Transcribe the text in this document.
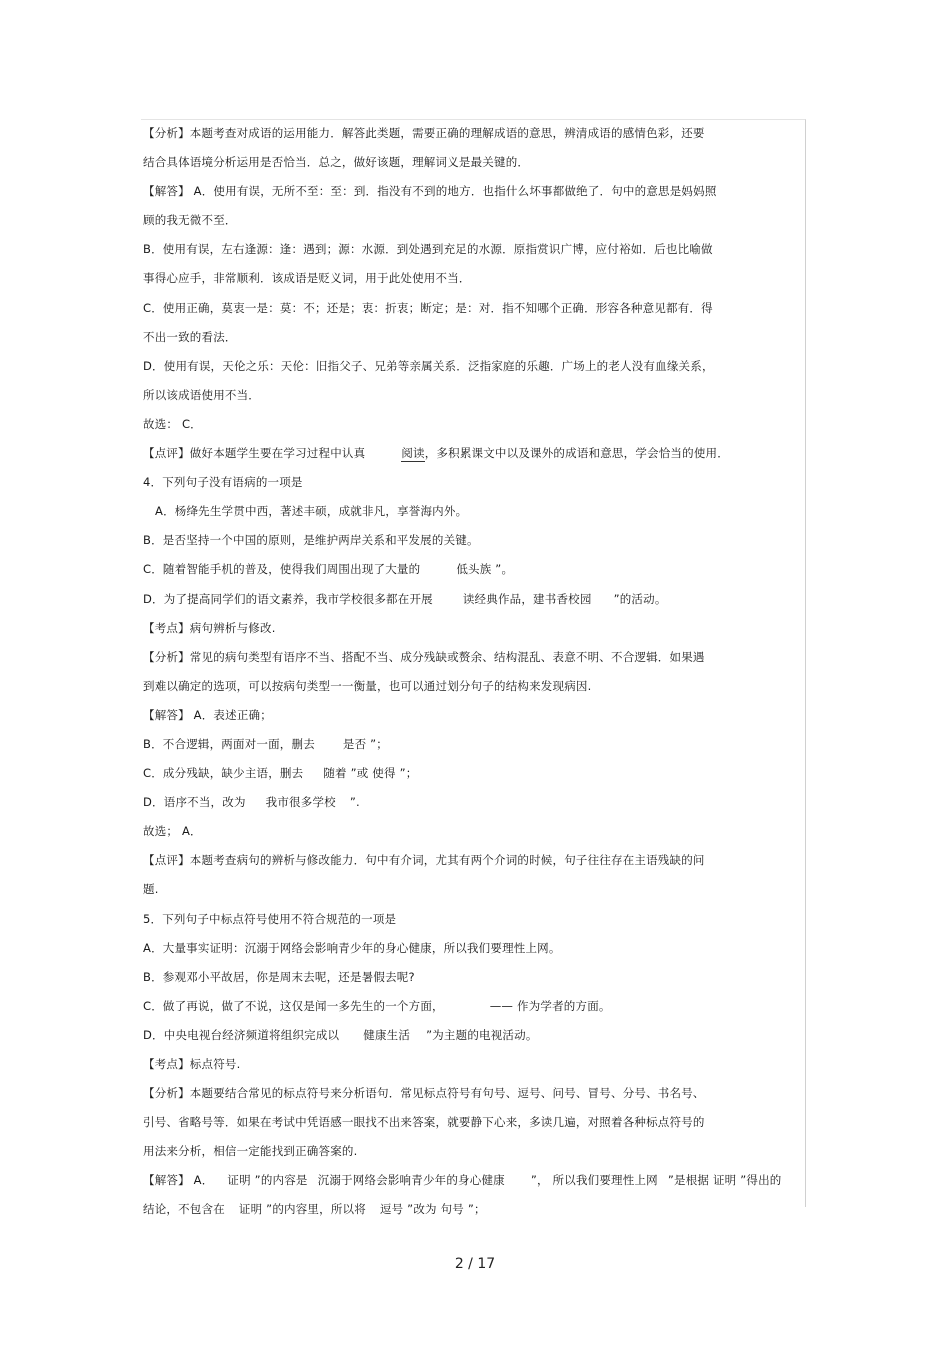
【分析】本题考查对成语的运用能力．解答此类题，需要正确的理解成语的意思，辨清成语的感情色彩，还要
结合具体语境分析运用是否恰当．总之，做好该题，理解词义是最关键的．
【解答】 A．使用有误，无所不至：至：到．指没有不到的地方．也指什么坏事都做绝了．句中的意思是妈妈照
顾的我无微不至．
B．使用有误，左右逢源：逢：遇到；源：水源．到处遇到充足的水源．原指赏识广博，应付裕如．后也比喻做
事得心应手，非常顺利．该成语是贬义词，用于此处使用不当．
C．使用正确，莫衷一是：莫：不；还是；衷：折衷；断定；是：对．指不知哪个正确．形容各种意见都有．得
不出一致的看法．
D．使用有误，天伦之乐：天伦：旧指父子、兄弟等亲属关系．泛指家庭的乐趣．广场上的老人没有血缘关系，
所以该成语使用不当．
故选： C．
【点评】做好本题学生要在学习过程中认真	阅读，多积累课文中以及课外的成语和意思，学会恰当的使用．
4．下列句子没有语病的一项是
A．杨绛先生学贯中西，著述丰硕，成就非凡，享誉海内外。
B．是否坚持一个中国的原则，是维护两岸关系和平发展的关键。
C．随着智能手机的普及，使得我们周围出现了大量的	低头族 ”。
D．为了提高同学们的语文素养，我市学校很多都在开展	读经典作品，建书香校园 ”的活动。
【考点】病句辨析与修改.
【分析】常见的病句类型有语序不当、搭配不当、成分残缺或赘余、结构混乱、表意不明、不合逻辑．如果遇
到难以确定的选项，可以按病句类型一一衡量，也可以通过划分句子的结构来发现病因.
【解答】 A．表述正确；
B．不合逻辑，两面对一面，删去 是否 ”；
C．成分残缺，缺少主语，删去 随着 ”或 使得 ”；
D．语序不当，改为 我市很多学校 ”.
故选； A．
【点评】本题考查病句的辨析与修改能力．句中有介词，尤其有两个介词的时候，句子往往存在主语残缺的问
题.
5．下列句子中标点符号使用不符合规范的一项是
A．大量事实证明：沉溺于网络会影响青少年的身心健康，所以我们要理性上网。
B．参观邓小平故居，你是周末去呢，还是暑假去呢?
C．做了再说，做了不说，这仅是闻一多先生的一个方面，	—— 作为学者的方面。
D．中央电视台经济频道将组织完成以 健康生活 ”为主题的电视活动。
【考点】标点符号.
【分析】本题要结合常见的标点符号来分析语句．常见标点符号有句号、逗号、问号、冒号、分号、书名号、
引号、省略号等．如果在考试中凭语感一眼找不出来答案，就要静下心来，多读几遍，对照着各种标点符号的
用法来分析，相信一定能找到正确答案的.
【解答】 A． 证明 ”的内容是 沉溺于网络会影响青少年的身心健康 ”， 所以我们要理性上网 ”是根据 证明 ”得出的
结论，不包含在 证明 ”的内容里，所以将 逗号 ”改为 句号 ”；
2 / 17
